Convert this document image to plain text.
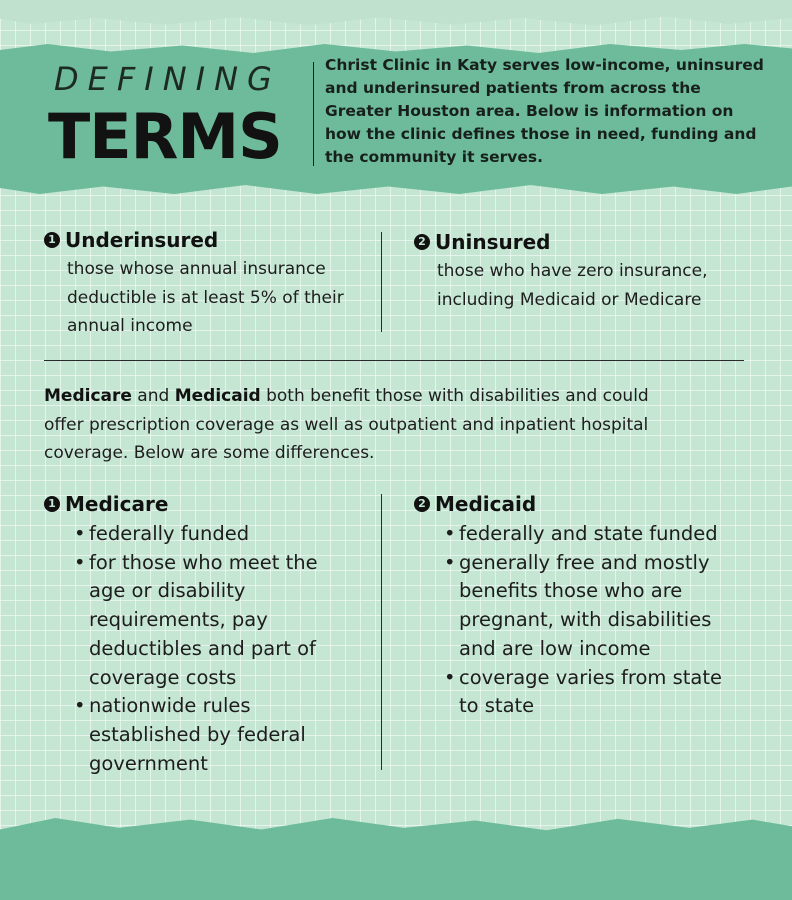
DEFINING
TERMS
Christ Clinic in Katy serves low-income, uninsured and underinsured patients from across the Greater Houston area. Below is information on how the clinic defines those in need, funding and the community it serves.
1 Underinsured
those whose annual insurance deductible is at least 5% of their annual income
2 Uninsured
those who have zero insurance, including Medicaid or Medicare
Medicare and Medicaid both benefit those with disabilities and could offer prescription coverage as well as outpatient and inpatient hospital coverage. Below are some differences.
1 Medicare
• federally funded
• for those who meet the age or disability requirements, pay deductibles and part of coverage costs
• nationwide rules established by federal government
2 Medicaid
• federally and state funded
• generally free and mostly benefits those who are pregnant, with disabilities and are low income
• coverage varies from state to state
